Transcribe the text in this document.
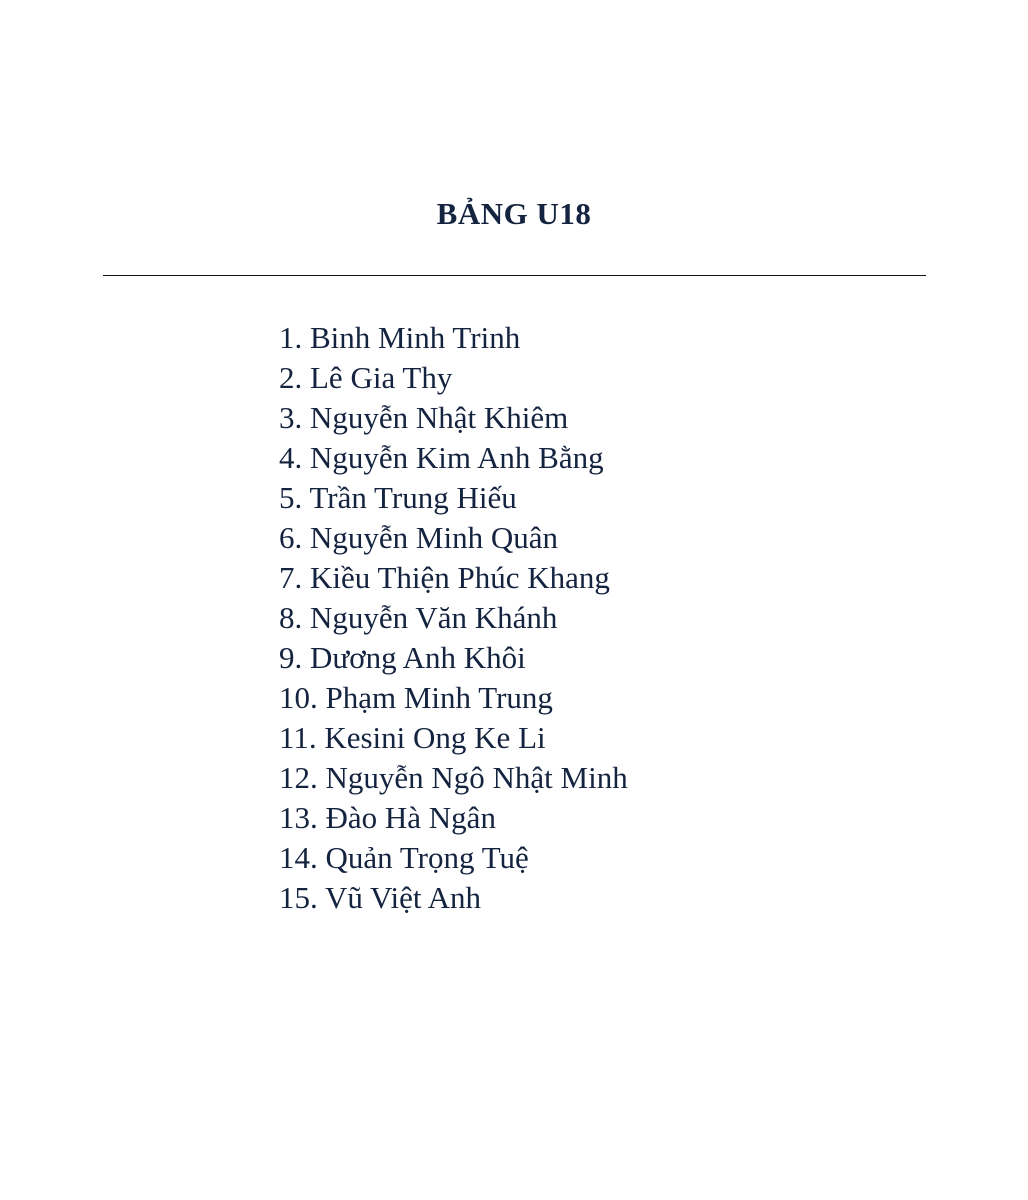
BẢNG U18
1. Binh Minh Trinh
2. Lê Gia Thy
3. Nguyễn Nhật Khiêm
4. Nguyễn Kim Anh Bằng
5. Trần Trung Hiếu
6. Nguyễn Minh Quân
7. Kiều Thiện Phúc Khang
8. Nguyễn Văn Khánh
9. Dương Anh Khôi
10. Phạm Minh Trung
11. Kesini Ong Ke Li
12. Nguyễn Ngô Nhật Minh
13. Đào Hà Ngân
14. Quản Trọng Tuệ
15. Vũ Việt Anh
